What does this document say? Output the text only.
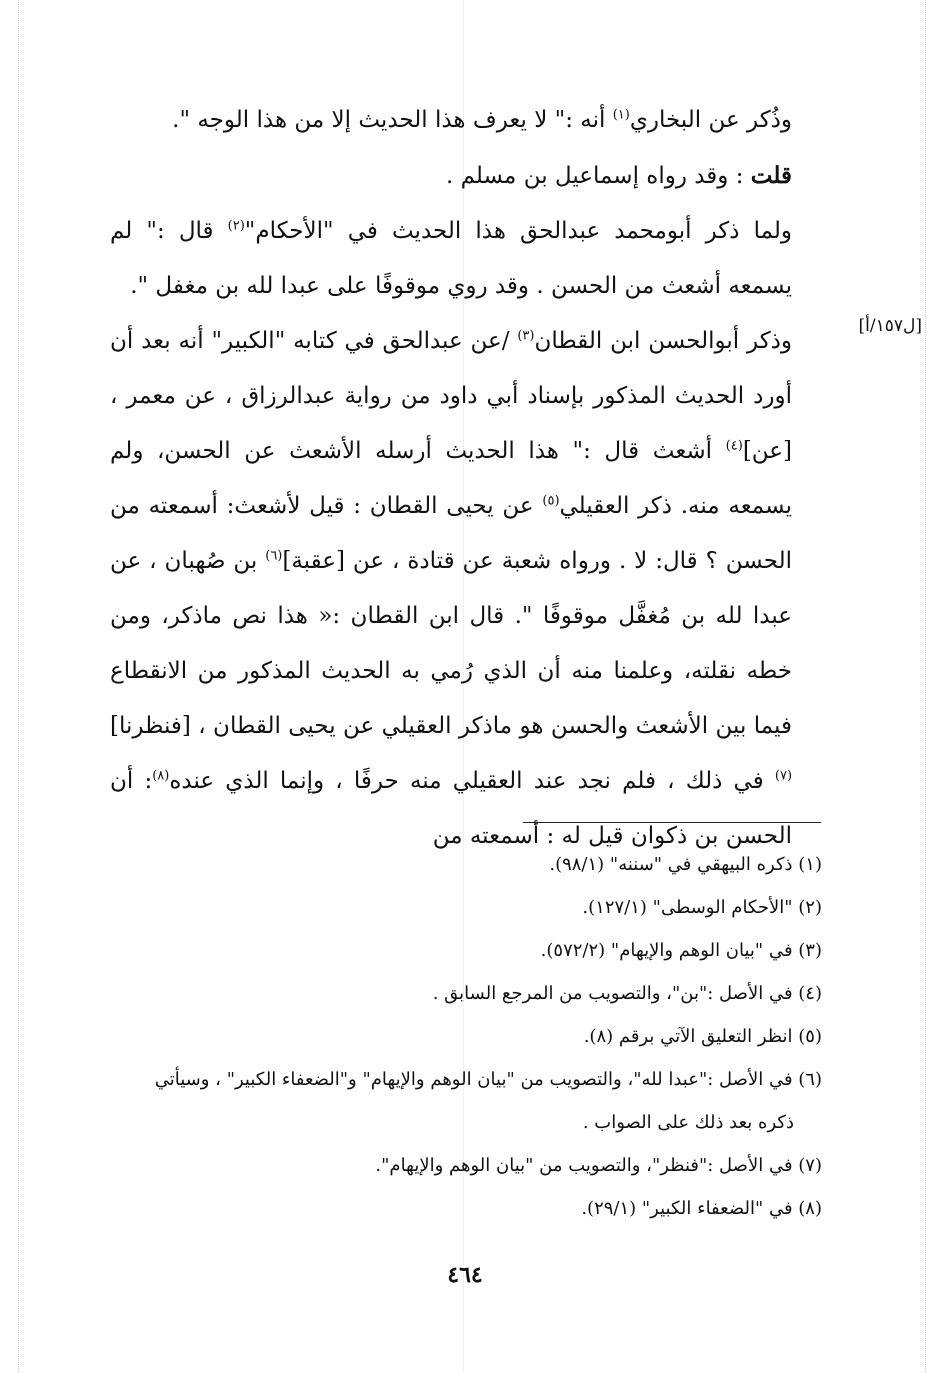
[ل١٥٧/أ]

وذُكر عن البخاري$^{(١)}$ أنه :" لا يعرف هذا الحديث إلا من هذا الوجه ".

قلت : وقد رواه إسماعيل بن مسلم .

ولما ذكر أبومحمد عبدالحق هذا الحديث في "الأحكام"$^{(٢)}$ قال :" لم يسمعه أشعث من الحسن . وقد روي موقوفًا على عبدا لله بن مغفل ".

وذكر أبوالحسن ابن القطان$^{(٣)}$ /عن عبدالحق في كتابه "الكبير" أنه بعد أن أورد الحديث المذكور بإسناد أبي داود من رواية عبدالرزاق ، عن معمر ، [عن]$^{(٤)}$ أشعث قال :" هذا الحديث أرسله الأشعث عن الحسن، ولم يسمعه منه. ذكر العقيلي$^{(٥)}$ عن يحيى القطان : قيل لأشعث: أسمعته من الحسن ؟ قال: لا . ورواه شعبة عن قتادة ، عن [عقبة]$^{(٦)}$ بن صُهبان ، عن عبدا لله بن مُغفَّل موقوفًا ". قال ابن القطان :« هذا نص ماذكر، ومن خطه نقلته، وعلمنا منه أن الذي رُمي به الحديث المذكور من الانقطاع فيما بين الأشعث والحسن هو ماذكر العقيلي عن يحيى القطان ، [فنظرنا]$^{(٧)}$ في ذلك ، فلم نجد عند العقيلي منه حرفًا ، وإنما الذي عنده$^{(٨)}$: أن الحسن بن ذكوان قيل له : أسمعته من

(١) ذكره البيهقي في "سننه" (٩٨/١).

(٢) "الأحكام الوسطى" (١٢٧/١).

(٣) في "بيان الوهم والإيهام" (٥٧٢/٢).

(٤) في الأصل :"بن"، والتصويب من المرجع السابق .

(٥) انظر التعليق الآتي برقم (٨).

(٦) في الأصل :"عبدا لله"، والتصويب من "بيان الوهم والإيهام" و"الضعفاء الكبير" ، وسيأتي

ذكره بعد ذلك على الصواب .

(٧) في الأصل :"فنظر"، والتصويب من "بيان الوهم والإيهام".

(٨) في "الضعفاء الكبير" (٢٩/١).

٤٦٤
